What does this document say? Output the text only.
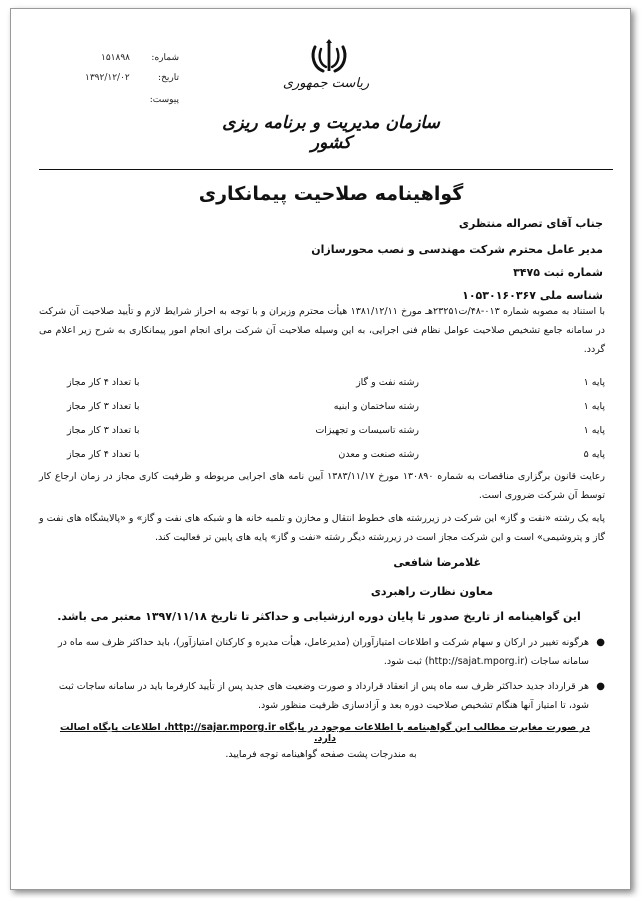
شماره:
۱۵۱۸۹۸
تاریخ:
۱۳۹۲/۱۲/۰۲
پیوست:
ریاست جمهوری
سازمان مدیریت و برنامه ریزی کشور
گواهینامه صلاحیت پیمانکاری
جناب آقای تصراله منتظری
مدیر عامل محترم شرکت مهندسی و نصب محورسازان
شماره ثبت ۳۴۷۵
شناسه ملی ۱۰۵۳۰۱۶۰۳۶۷
با استناد به مصوبه شماره ۰۱۳-۴۸/ت۲۳۲۵۱هـ مورخ ۱۳۸۱/۱۲/۱۱ هیأت محترم وزیران و با توجه به احراز شرایط لازم و تأیید صلاحیت آن شرکت در سامانه جامع تشخیص صلاحیت عوامل نظام فنی اجرایی، به این وسیله صلاحیت آن شرکت برای انجام امور پیمانکاری به شرح زیر اعلام می گردد.
پایه ۱
رشته نفت و گاز
با تعداد ۴ کار مجاز
پایه ۱
رشته ساختمان و ابنیه
با تعداد ۳ کار مجاز
پایه ۱
رشته تاسیسات و تجهیزات
با تعداد ۳ کار مجاز
پایه ۵
رشته صنعت و معدن
با تعداد ۴ کار مجاز
رعایت قانون برگزاری مناقصات به شماره ۱۳۰۸۹۰ مورخ ۱۳۸۳/۱۱/۱۷ آیین نامه های اجرایی مربوطه و ظرفیت کاری مجاز در زمان ارجاع کار توسط آن شرکت ضروری است.
پایه یک رشته «نفت و گاز» این شرکت در زیررشته های خطوط انتقال و مخازن و تلمبه خانه ها و شبکه های نفت و گاز» و «پالایشگاه های نفت و گاز و پتروشیمی» است و این شرکت مجاز است در زیررشته دیگر رشته «نفت و گاز» پایه های پایین تر فعالیت کند.
غلامرضا شافعی
معاون نظارت راهبردی
این گواهینامه از تاریخ صدور تا پایان دوره ارزشیابی و حداکثر تا تاریخ ۱۳۹۷/۱۱/۱۸ معتبر می باشد.
●
هرگونه تغییر در ارکان و سهام شرکت و اطلاعات امتیازآوران (مدیرعامل، هیأت مدیره و کارکنان امتیازآور)، باید حداکثر ظرف سه ماه در سامانه ساجات (http://sajat.mporg.ir) ثبت شود.
●
هر قرارداد جدید حداکثر ظرف سه ماه پس از انعقاد قرارداد و صورت وضعیت های جدید پس از تأیید کارفرما باید در سامانه ساجات ثبت شود، تا امتیاز آنها هنگام تشخیص صلاحیت دوره بعد و آزادسازی ظرفیت منظور شود.
در صورت مغایرت مطالب این گواهینامه با اطلاعات موجود در پایگاه http://sajar.mporg.ir، اطلاعات پایگاه اصالت دارد.
به مندرجات پشت صفحه گواهینامه توجه فرمایید.
